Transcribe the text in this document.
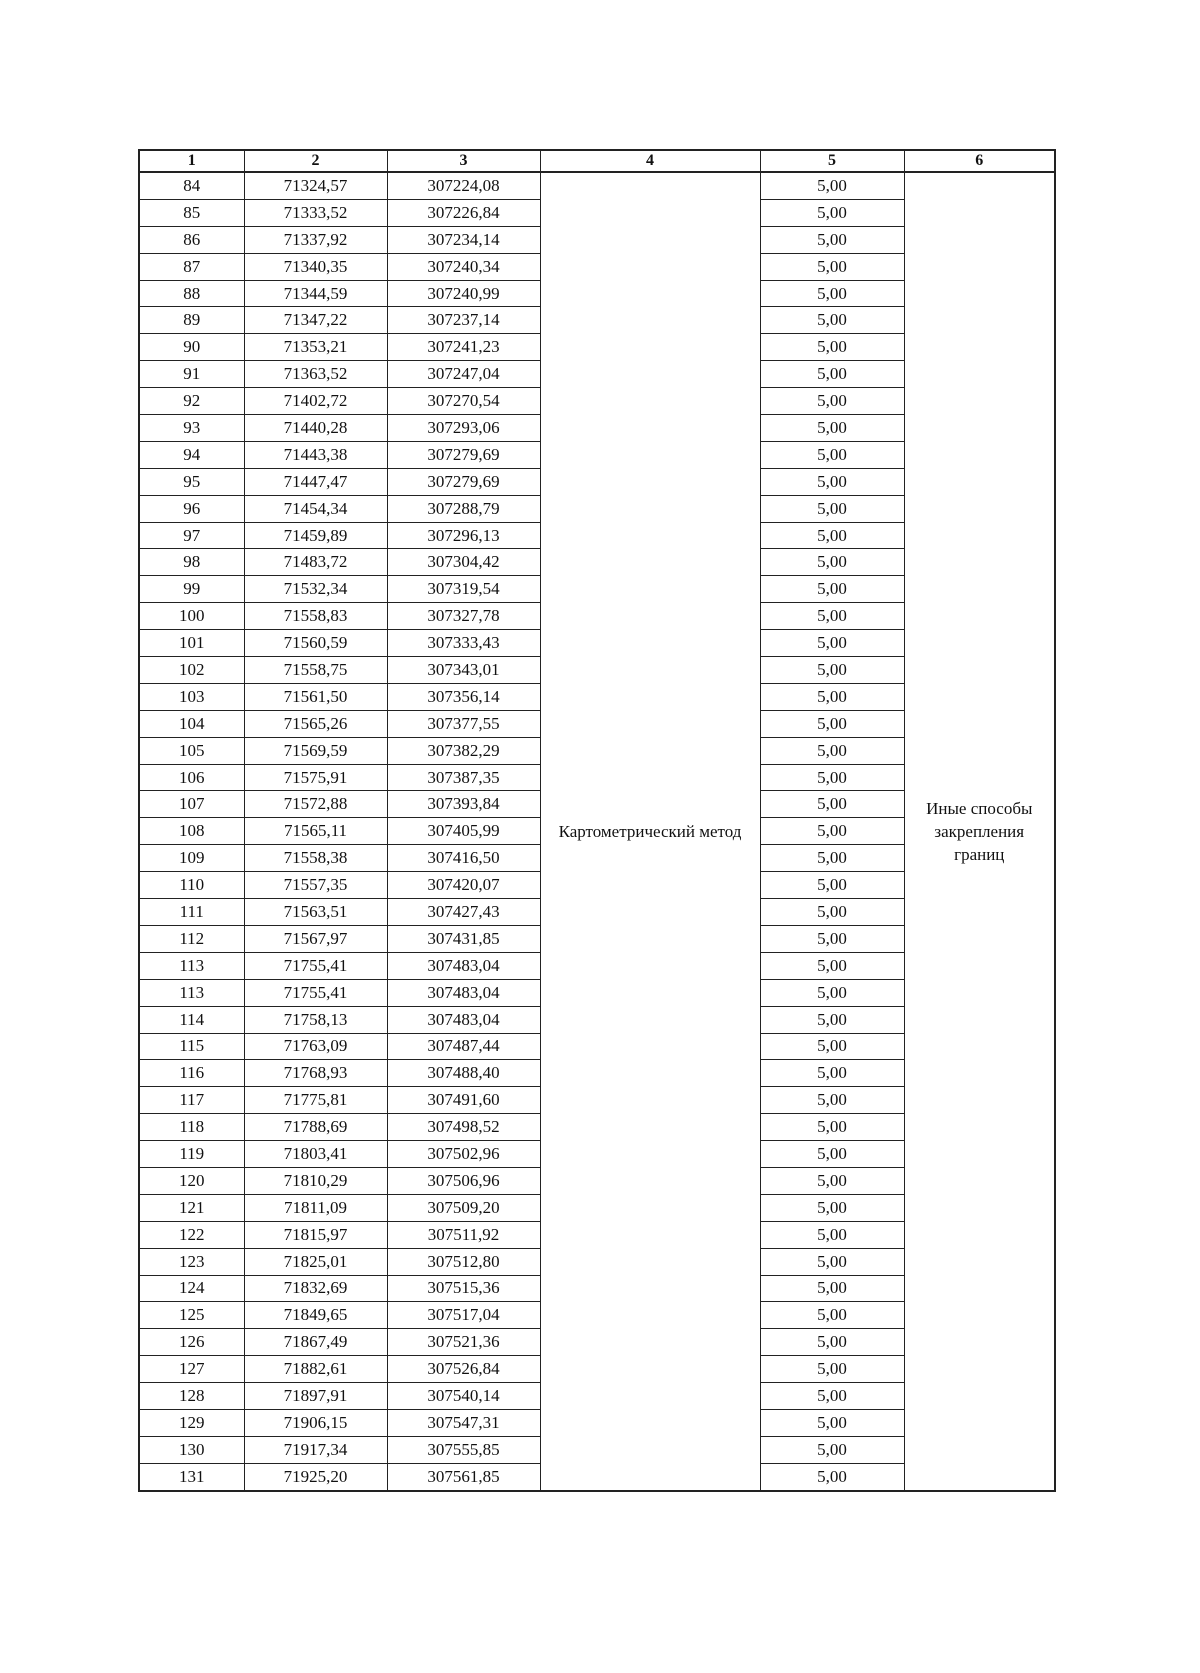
1	2	3	4	5	6
84	71324,57	307224,08	Картометрический метод	5,00	Иные способы закрепления границ
85	71333,52	307226,84		5,00	
86	71337,92	307234,14		5,00	
87	71340,35	307240,34		5,00	
88	71344,59	307240,99		5,00	
89	71347,22	307237,14		5,00	
90	71353,21	307241,23		5,00	
91	71363,52	307247,04		5,00	
92	71402,72	307270,54		5,00	
93	71440,28	307293,06		5,00	
94	71443,38	307279,69		5,00	
95	71447,47	307279,69		5,00	
96	71454,34	307288,79		5,00	
97	71459,89	307296,13		5,00	
98	71483,72	307304,42		5,00	
99	71532,34	307319,54		5,00	
100	71558,83	307327,78		5,00	
101	71560,59	307333,43		5,00	
102	71558,75	307343,01		5,00	
103	71561,50	307356,14		5,00	
104	71565,26	307377,55		5,00	
105	71569,59	307382,29		5,00	
106	71575,91	307387,35		5,00	
107	71572,88	307393,84		5,00	
108	71565,11	307405,99		5,00	
109	71558,38	307416,50		5,00	
110	71557,35	307420,07		5,00	
111	71563,51	307427,43		5,00	
112	71567,97	307431,85		5,00	
113	71755,41	307483,04		5,00	
113	71755,41	307483,04		5,00	
114	71758,13	307483,04		5,00	
115	71763,09	307487,44		5,00	
116	71768,93	307488,40		5,00	
117	71775,81	307491,60		5,00	
118	71788,69	307498,52		5,00	
119	71803,41	307502,96		5,00	
120	71810,29	307506,96		5,00	
121	71811,09	307509,20		5,00	
122	71815,97	307511,92		5,00	
123	71825,01	307512,80		5,00	
124	71832,69	307515,36		5,00	
125	71849,65	307517,04		5,00	
126	71867,49	307521,36		5,00	
127	71882,61	307526,84		5,00	
128	71897,91	307540,14		5,00	
129	71906,15	307547,31		5,00	
130	71917,34	307555,85		5,00	
131	71925,20	307561,85		5,00	
